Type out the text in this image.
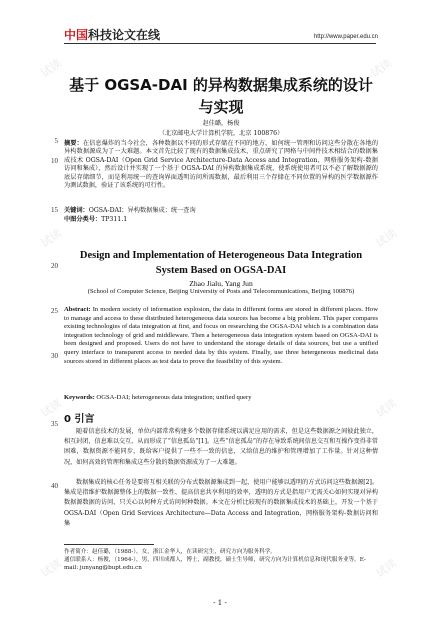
试读	试读
试读	试读
试读	试读
试读	试读
中国科技论文在线	http://www.paper.edu.cn
5
10
15
20
25
30
35
40
基于 OGSA-DAI 的异构数据集成系统的设计与实现
赵佳璐，杨俊
（北京邮电大学计算机学院，北京 100876）
摘要：在信息爆炸的当今社会，各种数据以不同的形式存储在不同的地方，如何统一管理和访问这些分散在各地的异构数据源成为了一大难题。本文首先比较了现有的数据集成技术，重点研究了网格与中间件技术相结合的数据集成技术 OGSA-DAI（Open Grid Service Architecture-Data Access and Integration，网格服务架构-数据访问和集成），然后设计并实现了一个基于 OGSA-DAI 的异构数据集成系统，使系统使用者可以不必了解数据源的底层存储细节，而是利用统一的查询界面透明访问所需数据，最后利用三个存储在不同位置的异构的医学数据源作为测试数据，验证了该系统的可行性。
关键词：OGSA-DAI；异构数据集成；统一查询
中图分类号：TP311.1
Design and Implementation of Heterogeneous Data Integration System Based on OGSA-DAI
Zhao Jialu, Yang Jun
(School of Computer Science, Beijing University of Posts and Telecommunications, Beijing 100876)
Abstract: In modern society of information explosion, the data in different forms are stored in different places. How to manage and access to these distributed heterogeneous data sources has become a big problem. This paper compares existing technologies of data integration at first, and focus on researching the OGSA-DAI which is a combination data integration technology of grid and middleware. Then a heterogeneous data integration system based on OGSA-DAI is been designed and proposed. Users do not have to understand the storage details of data sources, but use a unified query interface to transparent access to needed data by this system. Finally, use three hetergeneous medicinal data sources stored in different places as test data to prove the feasibility of this system.
Keywords: OGSA-DAI; heterogeneous data integration; unified query
0 引言
随着信息技术的发展，单位内部常常构建多个数据存储系统以满足应用的需求，但是这些数据源之间彼此独立，相互封闭，信息难以交互，从而形成了“信息孤岛”[1]。这些“信息孤岛”的存在导致系统间信息交互和互操作变得非常困难，数据资源不能同步，既给客户提供了一些不一致的信息，又给信息的维护和管理增加了工作量。针对这种情况，如何高效的管理和集成这些分散的数据资源成为了一大难题。
数据集成的核心任务是要将互相关联的分布式数据源集成到一起，使用户能够以透明的方式访问这些数据源[2]。集成是指维护数据源整体上的数据一致性、提高信息共享利用的效率，透明的方式是指用户无需关心如何实现对异构数据源数据的访问，只关心以何种方式访问何种数据。本文在分析比较现有的数据集成技术的基础上，开发一个基于 OGSA-DAI（Open Grid Services Architecture—Data Access and Integration，网格服务架构-数据访问和集
作者简介：赵佳璐，（1988-），女，浙江金华人，在读研究生，研究方向为服务科学。
通信联系人：杨俊，（1964-），男，四川成都人，博士，副教授，硕士生导师，研究方向为计算机信息和现代服务业等。E-mail: junyang@bupt.edu.cn
- 1 -
